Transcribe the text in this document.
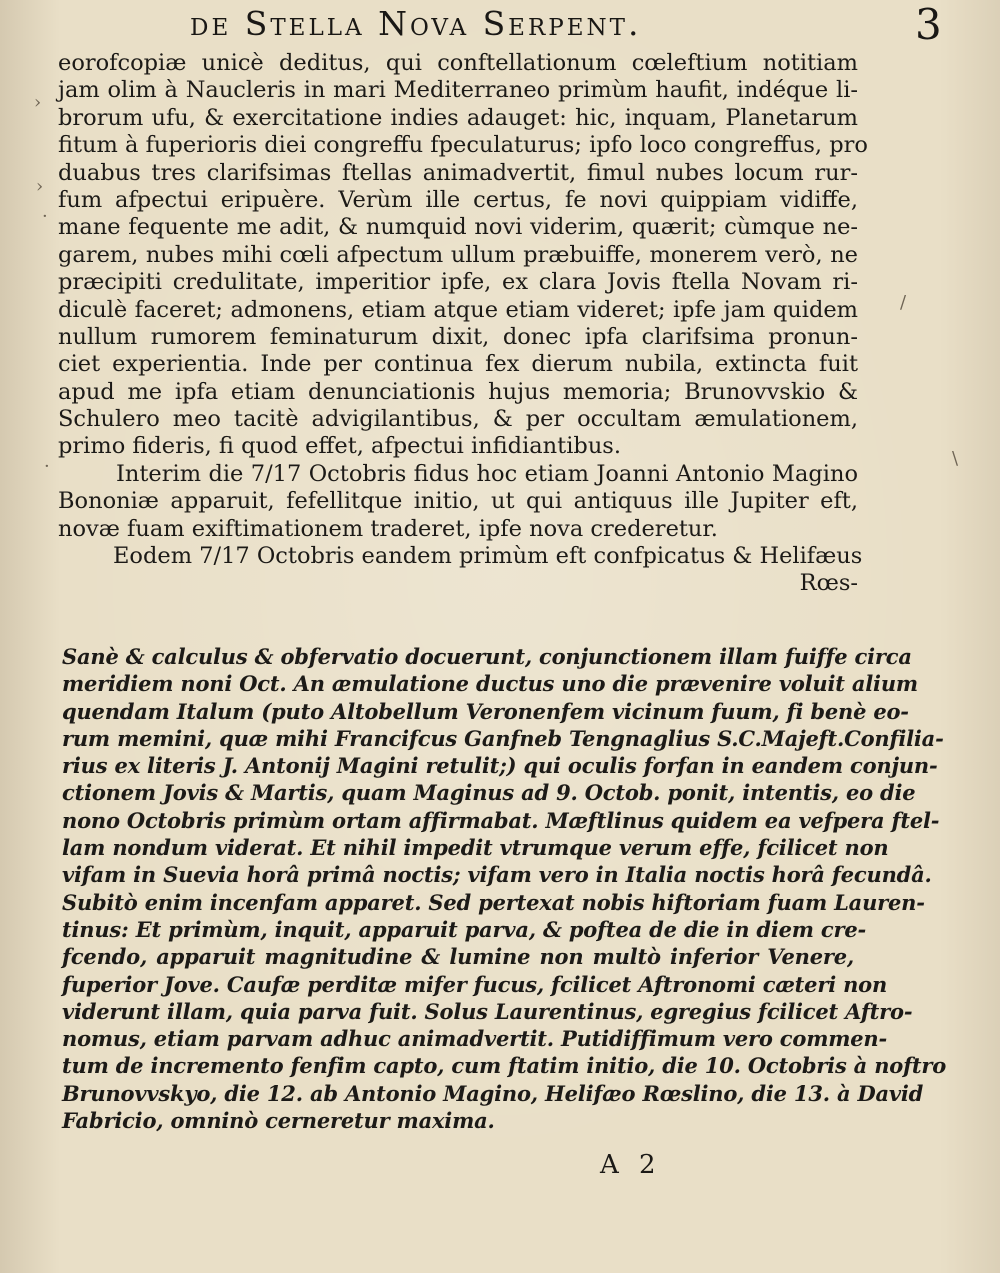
de Stella Nova Serpent.	3
›
›
·
·
/
\
eorofcopiæ unicè deditus, qui conftellationum cœleftium notitiam
jam olim à Naucleris in mari Mediterraneo primùm haufit, indéque li-
brorum ufu, & exercitatione indies adauget: hic, inquam, Planetarum
fitum à fuperioris diei congreffu fpeculaturus; ipfo loco congreffus, pro
duabus tres clarifsimas ftellas animadvertit, fimul nubes locum rur-
fum afpectui eripuère. Verùm ille certus, fe novi quippiam vidiffe,
mane fequente me adit, & numquid novi viderim, quærit; cùmque ne-
garem, nubes mihi cœli afpectum ullum præbuiffe, monerem verò, ne
præcipiti credulitate, imperitior ipfe, ex clara Jovis ftella Novam ri-
diculè faceret; admonens, etiam atque etiam videret; ipfe jam quidem
nullum rumorem feminaturum dixit, donec ipfa clarifsima pronun-
ciet experientia. Inde per continua fex dierum nubila, extincta fuit
apud me ipfa etiam denunciationis hujus memoria; Brunovvskio &
Schulero meo tacitè advigilantibus, & per occultam æmulationem,
primo fideris, fi quod effet, afpectui infidiantibus.
Interim die 7/17 Octobris fidus hoc etiam Joanni Antonio Magino
Bononiæ apparuit, fefellitque initio, ut qui antiquus ille Jupiter eft,
novæ fuam exiftimationem traderet, ipfe nova crederetur.
Eodem 7/17 Octobris eandem primùm eft confpicatus & Helifæus
Rœs-
Sanè & calculus & obfervatio docuerunt, conjunctionem illam fuiffe circa
meridiem noni Oct. An æmulatione ductus uno die prævenire voluit alium
quendam Italum (puto Altobellum Veronenfem vicinum fuum, fi benè eo-
rum memini, quæ mihi Francifcus Ganfneb Tengnaglius S.C.Majeft.Confilia-
rius ex literis J. Antonij Magini retulit;) qui oculis forfan in eandem conjun-
ctionem Jovis & Martis, quam Maginus ad 9. Octob. ponit, intentis, eo die
nono Octobris primùm ortam affirmabat. Mæftlinus quidem ea vefpera ftel-
lam nondum viderat. Et nihil impedit vtrumque verum effe, fcilicet non
vifam in Suevia horâ primâ noctis; vifam vero in Italia noctis horâ fecundâ.
Subitò enim incenfam apparet. Sed pertexat nobis hiftoriam fuam Lauren-
tinus: Et primùm, inquit, apparuit parva, & poftea de die in diem cre-
fcendo, apparuit magnitudine & lumine non multò inferior Venere,
fuperior Jove. Caufæ perditæ mifer fucus, fcilicet Aftronomi cæteri non
viderunt illam, quia parva fuit. Solus Laurentinus, egregius fcilicet Aftro-
nomus, etiam parvam adhuc animadvertit. Putidiffimum vero commen-
tum de incremento fenfim capto, cum ftatim initio, die 10. Octobris à noftro
Brunovvskyo, die 12. ab Antonio Magino, Helifæo Rœslino, die 13. à David
Fabricio, omninò cerneretur maxima.
A 2
